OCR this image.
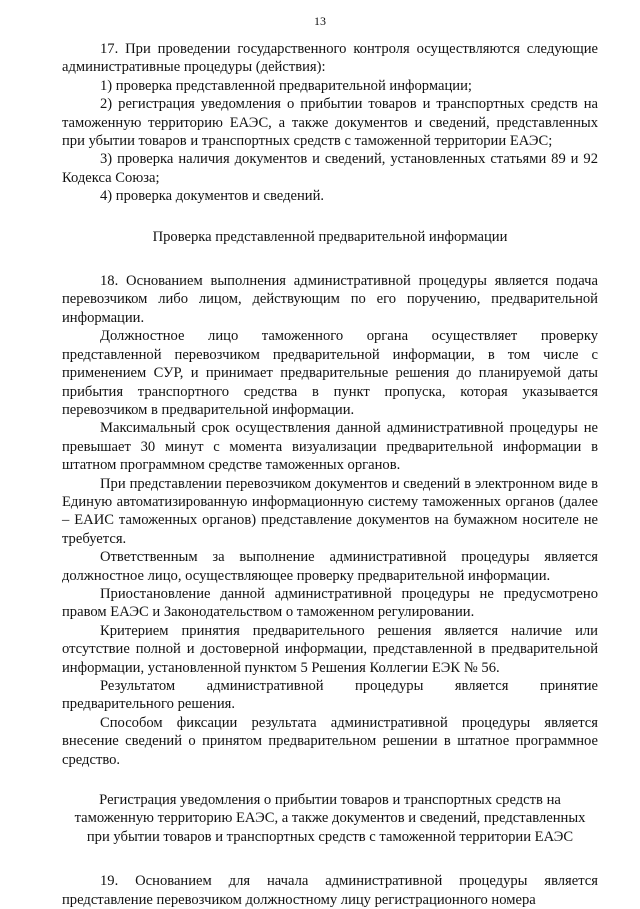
13

17. При проведении государственного контроля осуществляются следующие административные процедуры (действия):

1) проверка представленной предварительной информации;

2) регистрация уведомления о прибытии товаров и транспортных средств на таможенную территорию ЕАЭС, а также документов и сведений, представленных при убытии товаров и транспортных средств с таможенной территории ЕАЭС;

3) проверка наличия документов и сведений, установленных статьями 89 и 92 Кодекса Союза;

4) проверка документов и сведений.

Проверка представленной предварительной информации

18. Основанием выполнения административной процедуры является подача перевозчиком либо лицом, действующим по его поручению, предварительной информации.

Должностное лицо таможенного органа осуществляет проверку представленной перевозчиком предварительной информации, в том числе с применением СУР, и принимает предварительные решения до планируемой даты прибытия транспортного средства в пункт пропуска, которая указывается перевозчиком в предварительной информации.

Максимальный срок осуществления данной административной процедуры не превышает 30 минут с момента визуализации предварительной информации в штатном программном средстве таможенных органов.

При представлении перевозчиком документов и сведений в электронном виде в Единую автоматизированную информационную систему таможенных органов (далее – ЕАИС таможенных органов) представление документов на бумажном носителе не требуется.

Ответственным за выполнение административной процедуры является должностное лицо, осуществляющее проверку предварительной информации.

Приостановление данной административной процедуры не предусмотрено правом ЕАЭС и Законодательством о таможенном регулировании.

Критерием принятия предварительного решения является наличие или отсутствие полной и достоверной информации, представленной в предварительной информации, установленной пунктом 5 Решения Коллегии ЕЭК № 56.

Результатом административной процедуры является принятие предварительного решения.

Способом фиксации результата административной процедуры является внесение сведений о принятом предварительном решении в штатное программное средство.

Регистрация уведомления о прибытии товаров и транспортных средств на таможенную территорию ЕАЭС, а также документов и сведений, представленных при убытии товаров и транспортных средств с таможенной территории ЕАЭС

19. Основанием для начала административной процедуры является представление перевозчиком должностному лицу регистрационного номера
